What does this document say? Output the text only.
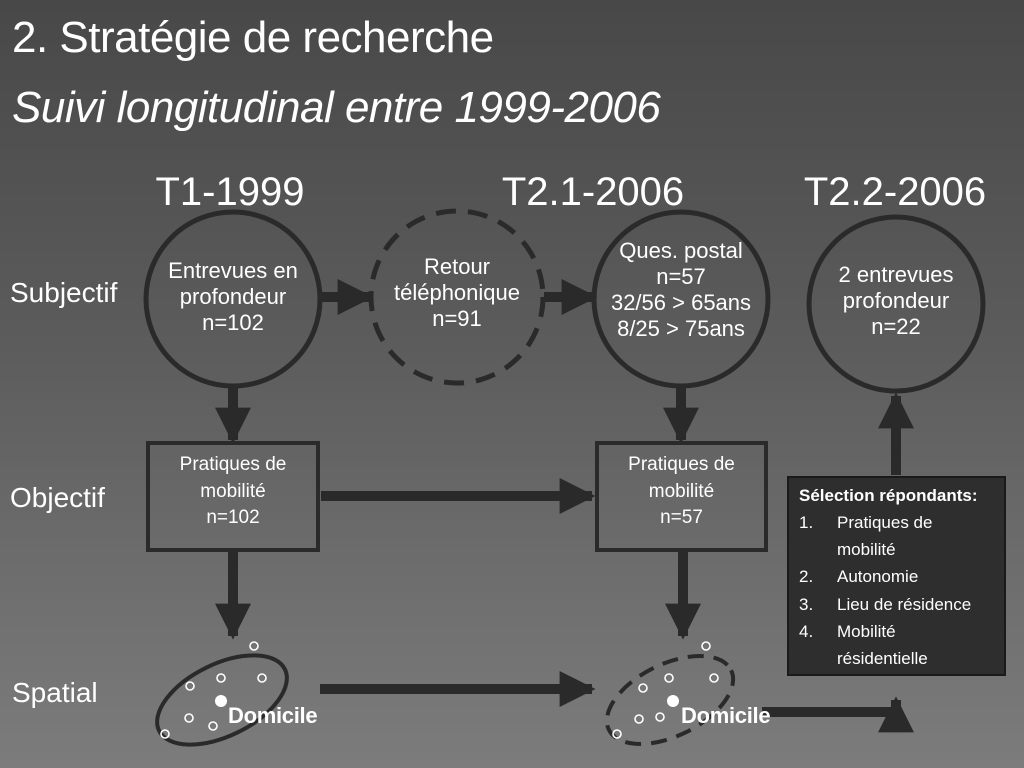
2. Stratégie de recherche
Suivi longitudinal entre 1999-2006
T1-1999	T2.1-2006	T2.2-2006
Subjectif
Objectif
Spatial
Entrevues en
profondeur
n=102
Retour
téléphonique
n=91
Ques. postal
n=57
32/56 > 65ans
8/25 > 75ans
2 entrevues
profondeur
n=22
Pratiques de
mobilité
n=102
Pratiques de
mobilité
n=57
Domicile	Domicile
Sélection répondants:
1. Pratiques de
mobilité
2. Autonomie
3. Lieu de résidence
4. Mobilité
résidentielle
